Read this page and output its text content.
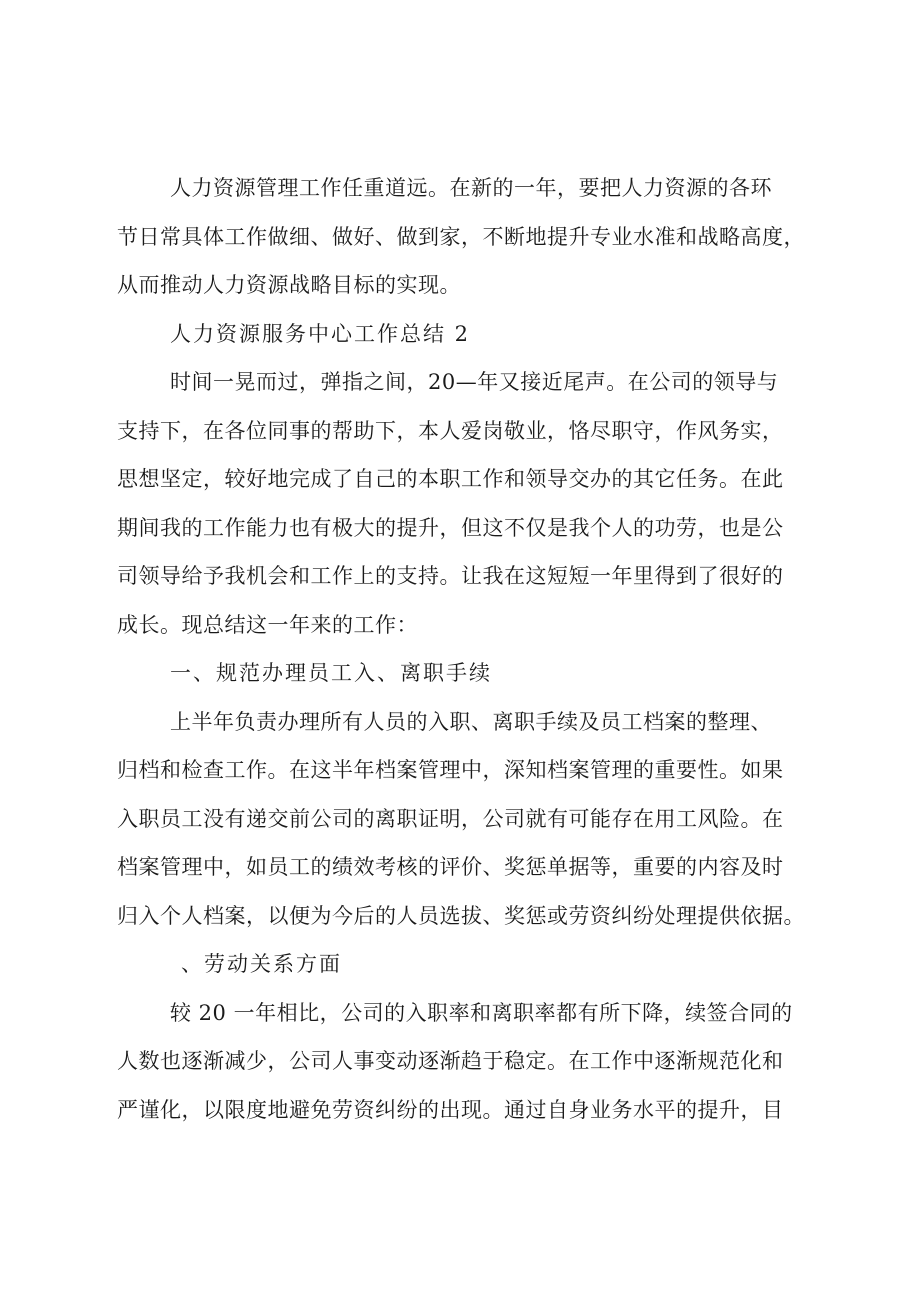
人力资源管理工作任重道远。在新的一年，要把人力资源的各环
节日常具体工作做细、做好、做到家，不断地提升专业水准和战略高度，
从而推动人力资源战略目标的实现。
人力资源服务中心工作总结 2
时间一晃而过，弹指之间，20—年又接近尾声。在公司的领导与
支持下，在各位同事的帮助下，本人爱岗敬业，恪尽职守，作风务实，
思想坚定，较好地完成了自己的本职工作和领导交办的其它任务。在此
期间我的工作能力也有极大的提升，但这不仅是我个人的功劳，也是公
司领导给予我机会和工作上的支持。让我在这短短一年里得到了很好的
成长。现总结这一年来的工作：
一、规范办理员工入、离职手续
上半年负责办理所有人员的入职、离职手续及员工档案的整理、
归档和检查工作。在这半年档案管理中，深知档案管理的重要性。如果
入职员工没有递交前公司的离职证明，公司就有可能存在用工风险。在
档案管理中，如员工的绩效考核的评价、奖惩单据等，重要的内容及时
归入个人档案，以便为今后的人员选拔、奖惩或劳资纠纷处理提供依据。
、劳动关系方面
较 20 一年相比，公司的入职率和离职率都有所下降，续签合同的
人数也逐渐减少，公司人事变动逐渐趋于稳定。在工作中逐渐规范化和
严谨化，以限度地避免劳资纠纷的出现。通过自身业务水平的提升，目
